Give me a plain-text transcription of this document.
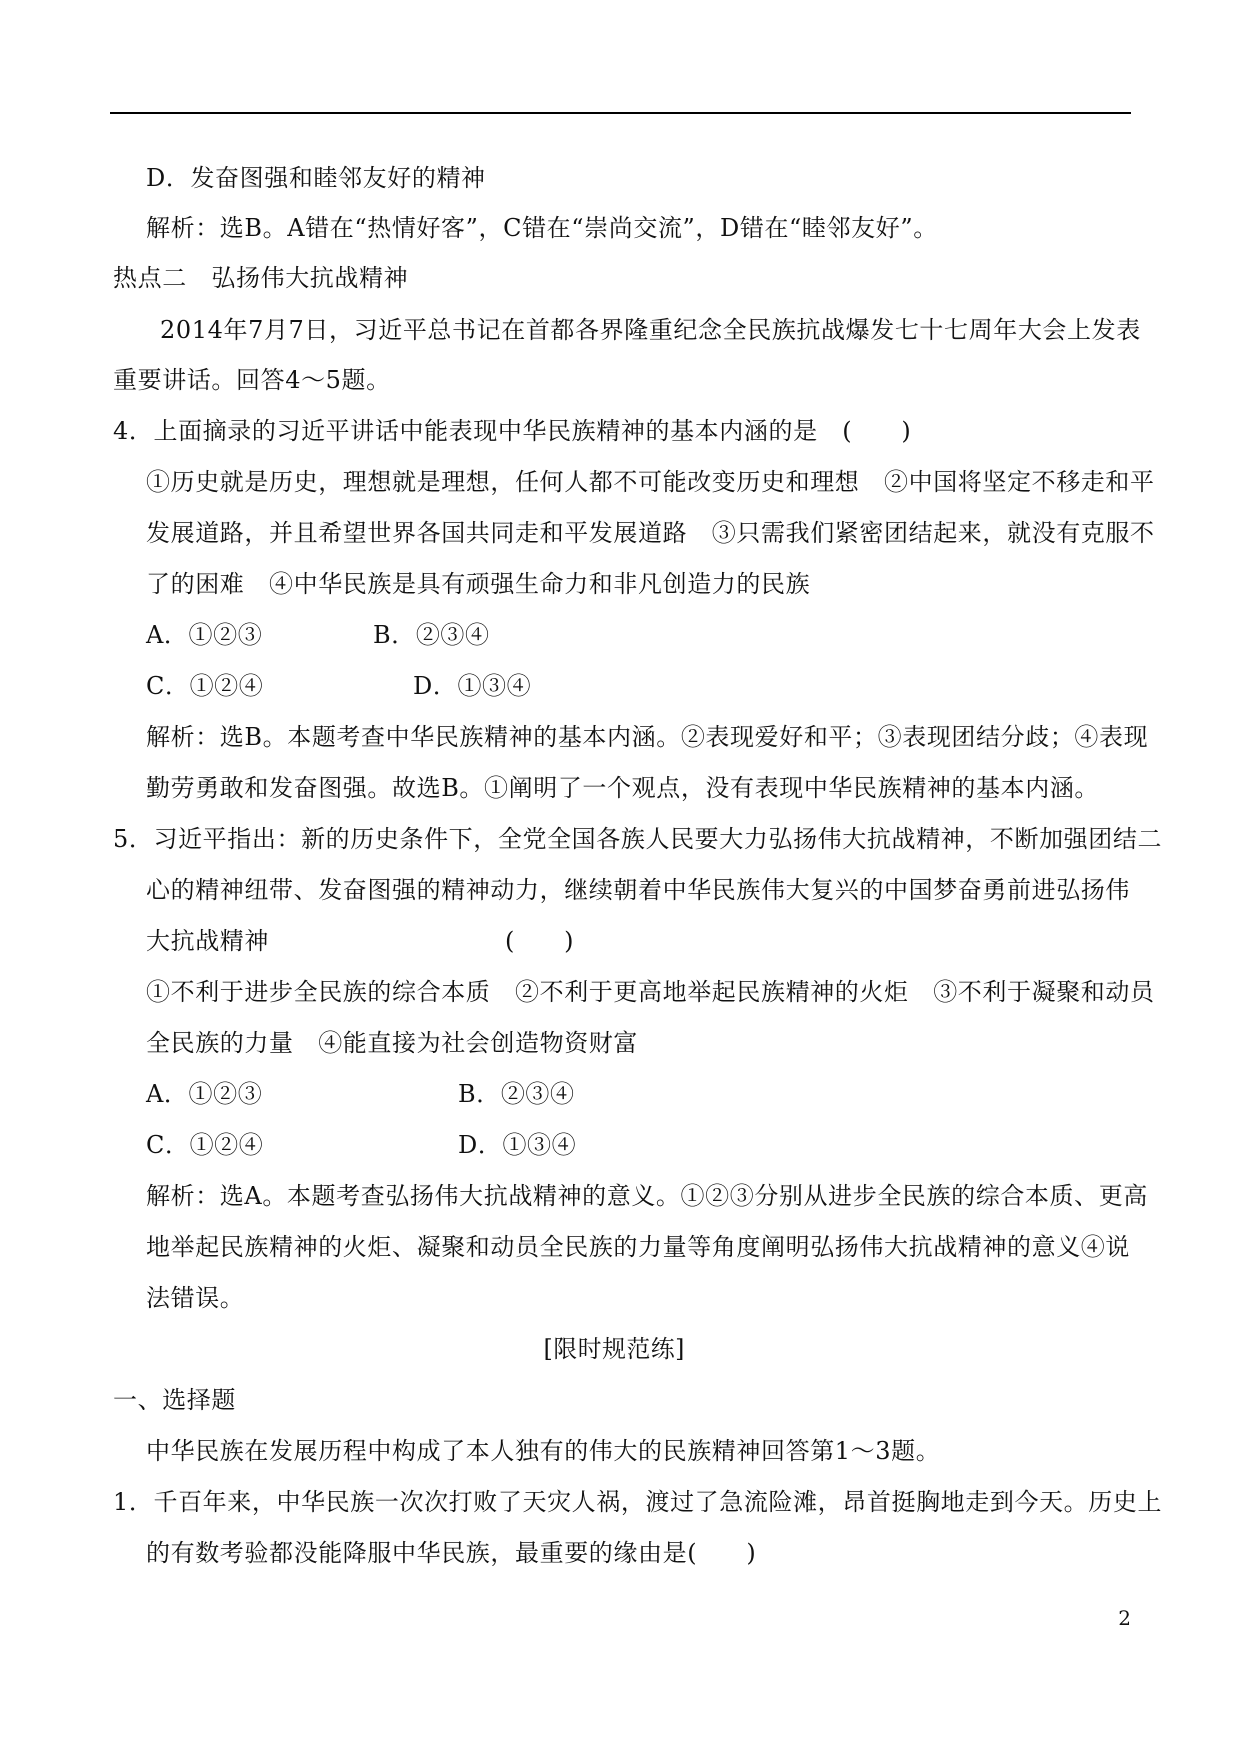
D．发奋图强和睦邻友好的精神
解析：选B。A错在“热情好客”，C错在“崇尚交流”，D错在“睦邻友好”。
热点二　弘扬伟大抗战精神
2014年7月7日，习近平总书记在首都各界隆重纪念全民族抗战爆发七十七周年大会上发表
重要讲话。回答4～5题。
4．上面摘录的习近平讲话中能表现中华民族精神的基本内涵的是　(　　)
①历史就是历史，理想就是理想，任何人都不可能改变历史和理想　②中国将坚定不移走和平
发展道路，并且希望世界各国共同走和平发展道路　③只需我们紧密团结起来，就没有克服不
了的困难　④中华民族是具有顽强生命力和非凡创造力的民族
A．①②③	B．②③④
C．①②④	D．①③④
解析：选B。本题考查中华民族精神的基本内涵。②表现爱好和平；③表现团结分歧；④表现
勤劳勇敢和发奋图强。故选B。①阐明了一个观点，没有表现中华民族精神的基本内涵。
5．习近平指出：新的历史条件下，全党全国各族人民要大力弘扬伟大抗战精神，不断加强团结二
心的精神纽带、发奋图强的精神动力，继续朝着中华民族伟大复兴的中国梦奋勇前进弘扬伟
大抗战精神	(　　)
①不利于进步全民族的综合本质　②不利于更高地举起民族精神的火炬　③不利于凝聚和动员
全民族的力量　④能直接为社会创造物资财富
A．①②③	B．②③④
C．①②④	D．①③④
解析：选A。本题考查弘扬伟大抗战精神的意义。①②③分别从进步全民族的综合本质、更高
地举起民族精神的火炬、凝聚和动员全民族的力量等角度阐明弘扬伟大抗战精神的意义④说
法错误。
[限时规范练]
一、选择题
中华民族在发展历程中构成了本人独有的伟大的民族精神回答第1～3题。
1．千百年来，中华民族一次次打败了天灾人祸，渡过了急流险滩，昂首挺胸地走到今天。历史上
的有数考验都没能降服中华民族，最重要的缘由是(　　)
2
